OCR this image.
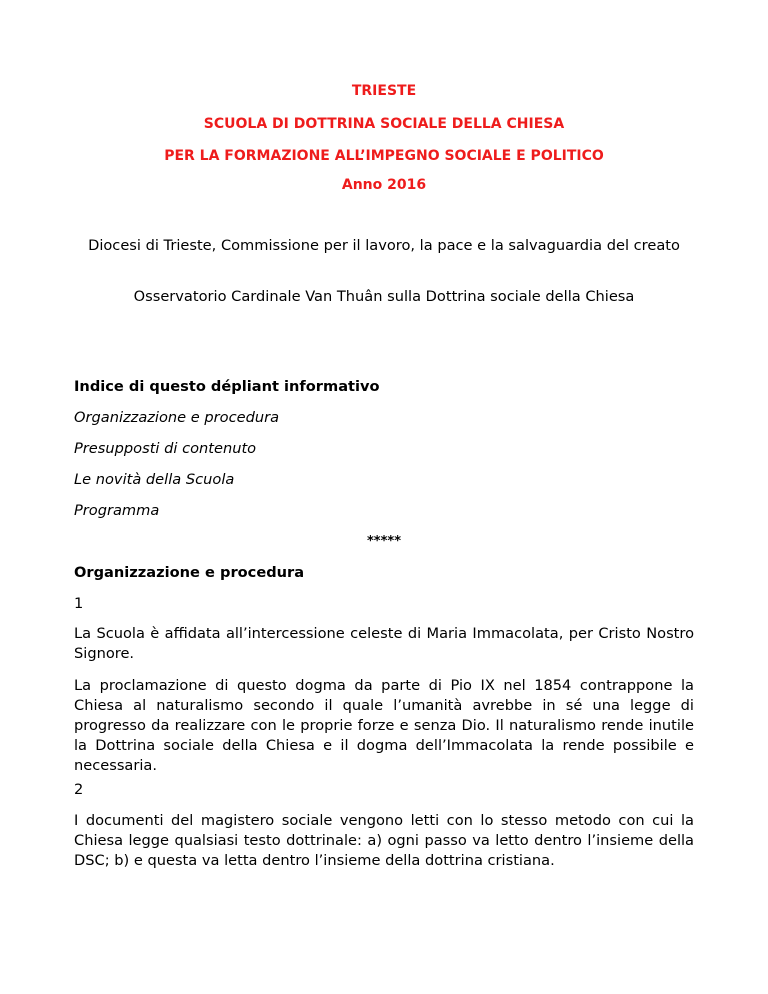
TRIESTE
SCUOLA DI DOTTRINA SOCIALE DELLA CHIESA
PER LA FORMAZIONE ALL’IMPEGNO SOCIALE E POLITICO
Anno 2016
Diocesi di Trieste, Commissione per il lavoro, la pace e la salvaguardia del creato
Osservatorio Cardinale Van Thuân sulla Dottrina sociale della Chiesa
Indice di questo dépliant informativo
Organizzazione e procedura
Presupposti di contenuto
Le novità della Scuola
Programma
*****
Organizzazione e procedura
1
La Scuola è affidata all’intercessione celeste di Maria Immacolata, per Cristo Nostro Signore.
La proclamazione di questo dogma da parte di Pio IX nel 1854 contrappone la Chiesa al naturalismo secondo il quale l’umanità avrebbe in sé una legge di progresso da realizzare con le proprie forze e senza Dio. Il naturalismo rende inutile la Dottrina sociale della Chiesa e il dogma dell’Immacolata la rende possibile e necessaria.
2
I documenti del magistero sociale vengono letti con lo stesso metodo con cui la Chiesa legge qualsiasi testo dottrinale: a) ogni passo va letto dentro l’insieme della DSC; b) e questa va letta dentro l’insieme della dottrina cristiana.
